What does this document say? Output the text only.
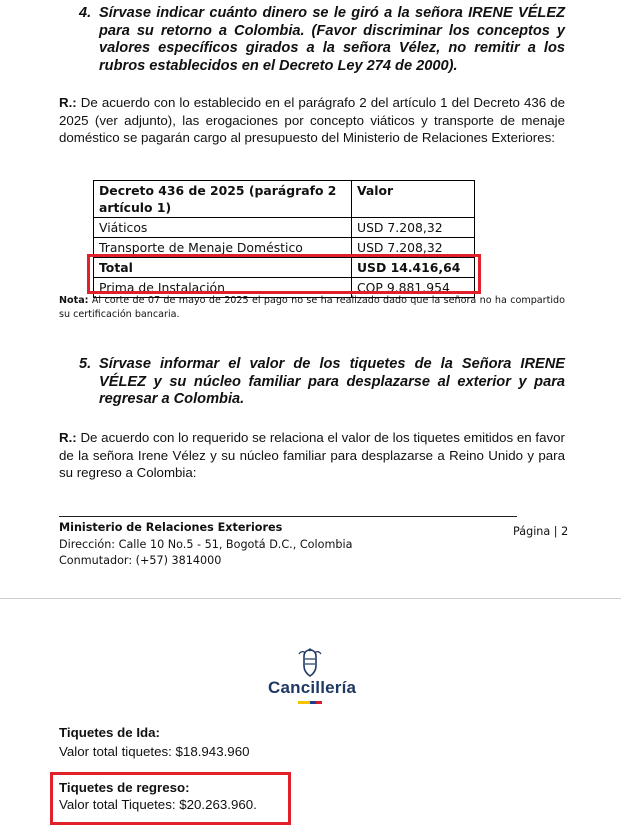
4. Sírvase indicar cuánto dinero se le giró a la señora IRENE VÉLEZ para su retorno a Colombia. (Favor discriminar los conceptos y valores específicos girados a la señora Vélez, no remitir a los rubros establecidos en el Decreto Ley 274 de 2000).
R.: De acuerdo con lo establecido en el parágrafo 2 del artículo 1 del Decreto 436 de 2025 (ver adjunto), las erogaciones por concepto viáticos y transporte de menaje doméstico se pagarán cargo al presupuesto del Ministerio de Relaciones Exteriores:
Decreto 436 de 2025 (parágrafo 2 artículo 1)	Valor
Viáticos	USD 7.208,32
Transporte de Menaje Doméstico	USD 7.208,32
Total	USD 14.416,64
Prima de Instalación	COP 9.881.954
Nota: Al corte de 07 de mayo de 2025 el pago no se ha realizado dado que la señora no ha compartido su certificación bancaria.
5. Sírvase informar el valor de los tiquetes de la Señora IRENE VÉLEZ y su núcleo familiar para desplazarse al exterior y para regresar a Colombia.
R.: De acuerdo con lo requerido se relaciona el valor de los tiquetes emitidos en favor de la señora Irene Vélez y su núcleo familiar para desplazarse a Reino Unido y para su regreso a Colombia:
Ministerio de Relaciones Exteriores
Dirección: Calle 10 No.5 - 51, Bogotá D.C., Colombia
Conmutador: (+57) 3814000
Página | 2
Cancillería
Tiquetes de Ida:
Valor total tiquetes: $18.943.960
Tiquetes de regreso:
Valor total Tiquetes: $20.263.960.
